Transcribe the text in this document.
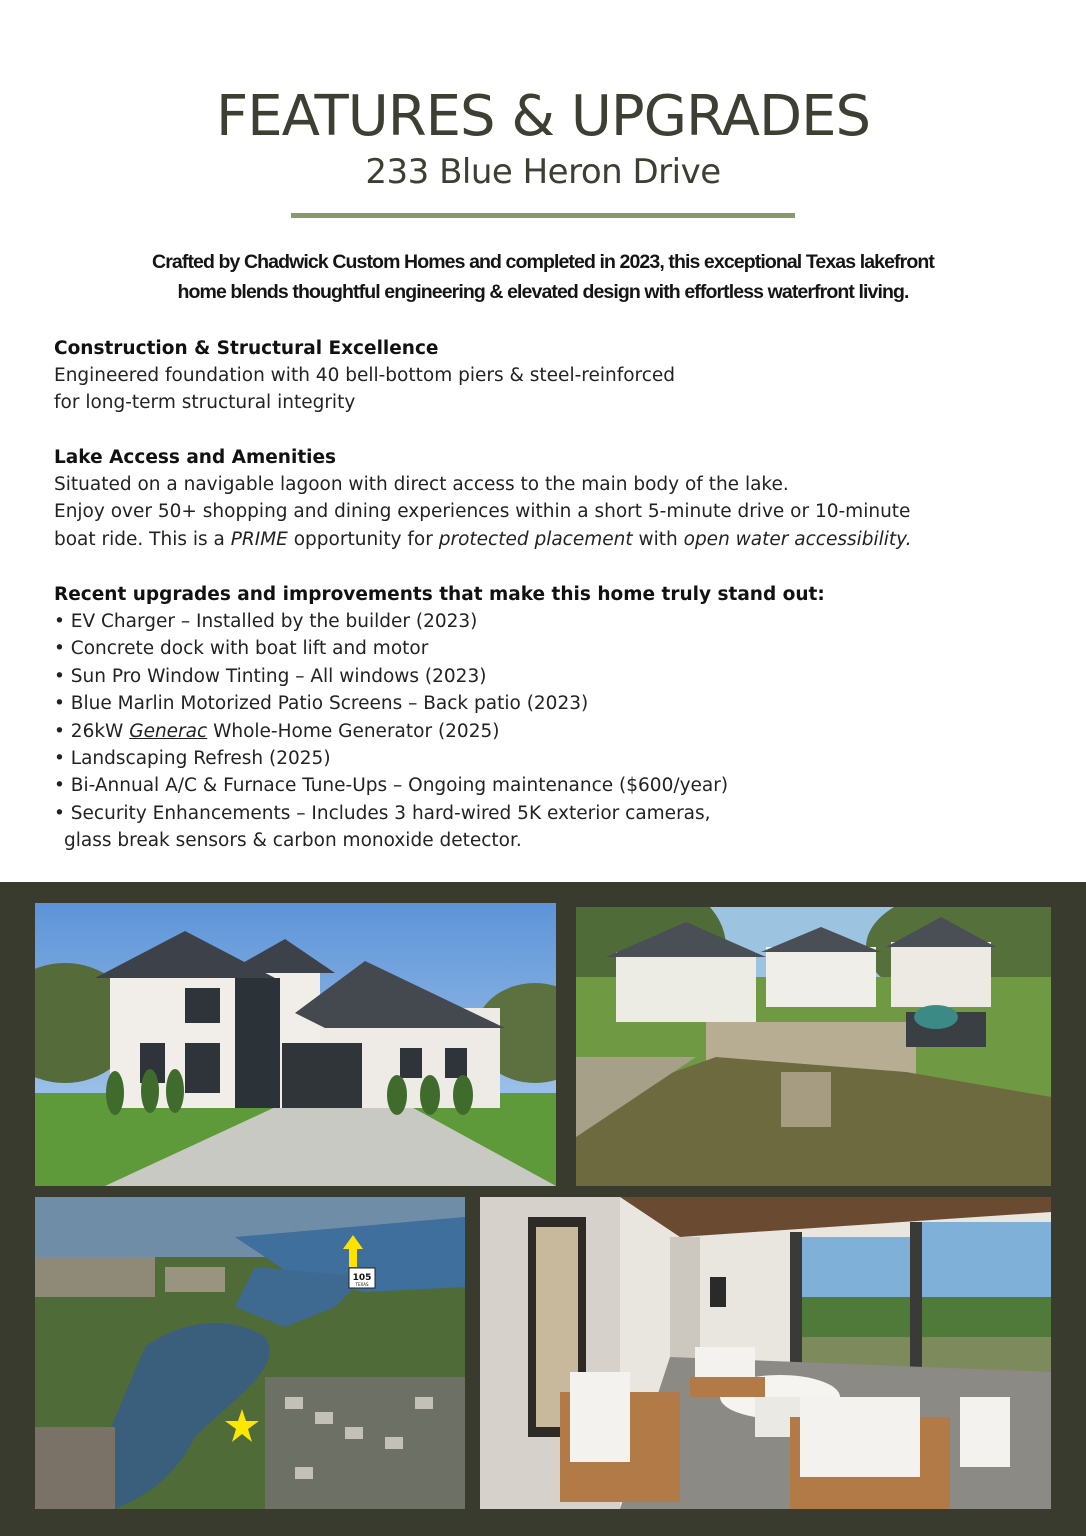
FEATURES & UPGRADES
233 Blue Heron Drive
Crafted by Chadwick Custom Homes and completed in 2023, this exceptional Texas lakefront
home blends thoughtful engineering & elevated design with effortless waterfront living.
Construction & Structural Excellence

Engineered foundation with 40 bell-bottom piers & steel-reinforced

for long-term structural integrity

Lake Access and Amenities

Situated on a navigable lagoon with direct access to the main body of the lake.

Enjoy over 50+ shopping and dining experiences within a short 5-minute drive or 10-minute

boat ride. This is a PRIME opportunity for protected placement with open water accessibility.

Recent upgrades and improvements that make this home truly stand out:
• EV Charger – Installed by the builder (2023)
• Concrete dock with boat lift and motor
• Sun Pro Window Tinting – All windows (2023)
• Blue Marlin Motorized Patio Screens – Back patio (2023)
• 26kW Generac Whole-Home Generator (2025)
• Landscaping Refresh (2025)
• Bi-Annual A/C & Furnace Tune-Ups – Ongoing maintenance ($600/year)
• Security Enhancements – Includes 3 hard-wired 5K exterior cameras,
glass break sensors & carbon monoxide detector.
105
TEXAS
